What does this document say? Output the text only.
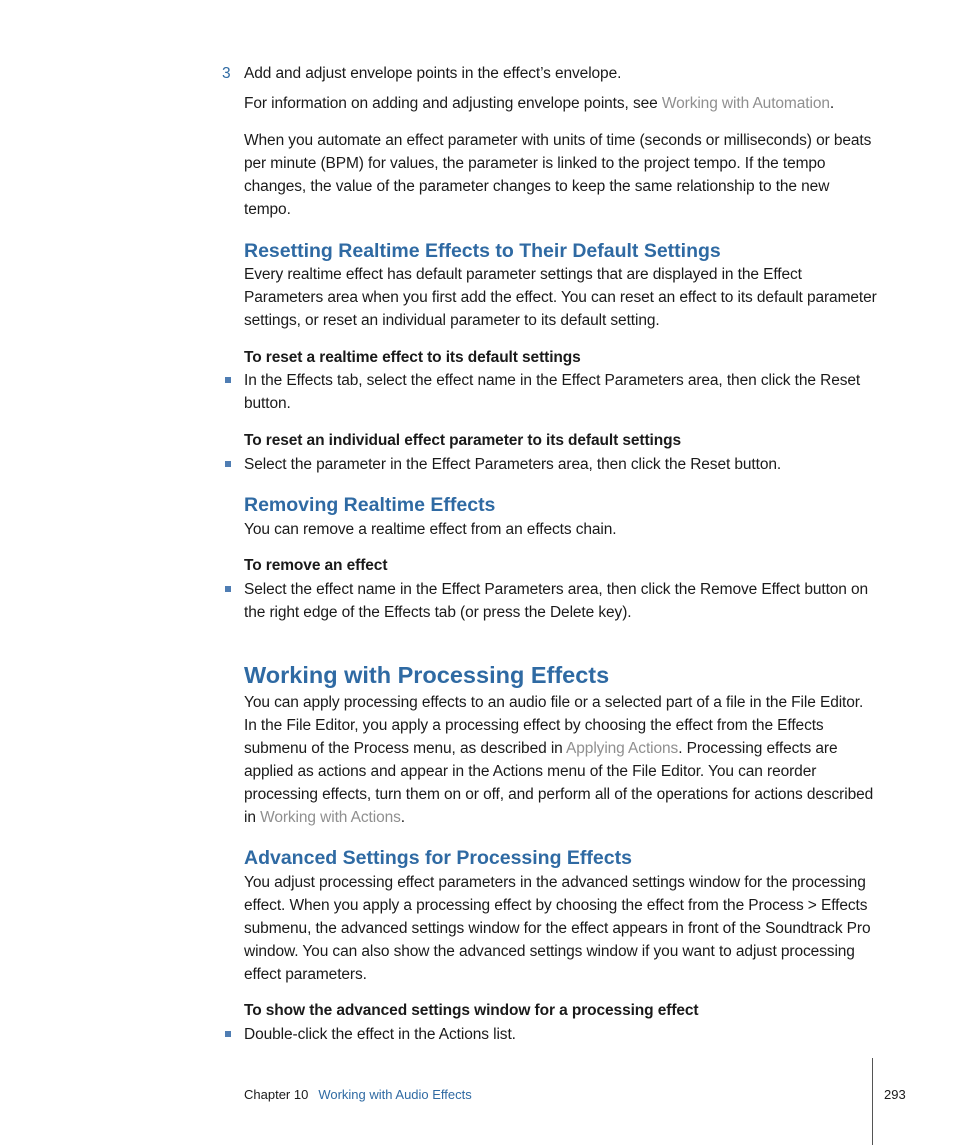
3 Add and adjust envelope points in the effect’s envelope.

For information on adding and adjusting envelope points, see Working with Automation.

When you automate an effect parameter with units of time (seconds or milliseconds) or beats per minute (BPM) for values, the parameter is linked to the project tempo. If the tempo changes, the value of the parameter changes to keep the same relationship to the new tempo.

Resetting Realtime Effects to Their Default Settings

Every realtime effect has default parameter settings that are displayed in the Effect Parameters area when you first add the effect. You can reset an effect to its default parameter settings, or reset an individual parameter to its default setting.

To reset a realtime effect to its default settings

In the Effects tab, select the effect name in the Effect Parameters area, then click the Reset button.

To reset an individual effect parameter to its default settings

Select the parameter in the Effect Parameters area, then click the Reset button.

Removing Realtime Effects

You can remove a realtime effect from an effects chain.

To remove an effect

Select the effect name in the Effect Parameters area, then click the Remove Effect button on the right edge of the Effects tab (or press the Delete key).

Working with Processing Effects

You can apply processing effects to an audio file or a selected part of a file in the File Editor. In the File Editor, you apply a processing effect by choosing the effect from the Effects submenu of the Process menu, as described in Applying Actions. Processing effects are applied as actions and appear in the Actions menu of the File Editor. You can reorder processing effects, turn them on or off, and perform all of the operations for actions described in Working with Actions.

Advanced Settings for Processing Effects

You adjust processing effect parameters in the advanced settings window for the processing effect. When you apply a processing effect by choosing the effect from the Process > Effects submenu, the advanced settings window for the effect appears in front of the Soundtrack Pro window. You can also show the advanced settings window if you want to adjust processing effect parameters.

To show the advanced settings window for a processing effect

Double-click the effect in the Actions list.

Chapter 10 Working with Audio Effects	293
